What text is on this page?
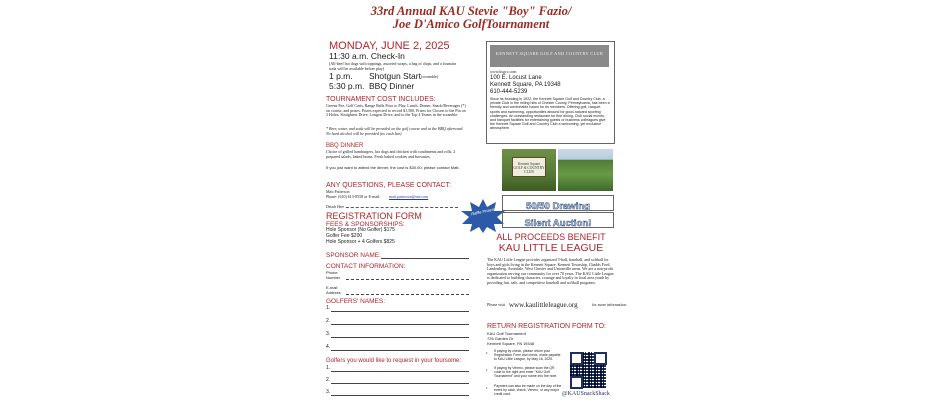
33rd Annual KAU Stevie "Boy" Fazio/
Joe D'Amico GolfTournament
MONDAY, JUNE 2, 2025
11:30 a.m. Check-In
(All-beef hot dogs with toppings, assorted wraps, a bag of chips, and a fountain soda will be available before play)
1 p.m. Shotgun Start (scramble)
5:30 p.m. BBQ Dinner
TOURNAMENT COST INCLUDES:
Greens Fee, Golf Carts, Range Balls Prior to Play, Lunch, Dinner, Snack/Beverages (*) on course, and prizes. Prizes expected to record $1,500, Prizes for Closest to the Pin on 2 Holes, Straightest Drive, Longest Drive, and to the Top 4 Teams in the scramble.
* Beer, water, and soda will be provided on the golf course and at the BBQ afterward. No hard alcohol will be provided (no cash bar).
BBQ DINNER
Choice of grilled hamburgers, hot dogs and chicken with condiments and rolls, 2 prepared salads, baked beans. Fresh baked cookies and brownies.
If you just want to attend the dinner, the cost is $30.00; please contact Matt.
ANY QUESTIONS, PLEASE CONTACT:
Matt Patterson
Phone: (610) 613-8558 or E-mail: matt.patterson@me.com
Detach Here
REGISTRATION FORM
FEES & SPONSORSHIPS:
Hole Sponsor (No Golfer) $175
Golfer Fee $200
Hole Sponsor + 4 Golfers $825
SPONSOR NAME:
CONTACT INFORMATION:
Phone
Number
E-mail
Address
GOLFERS' NAMES:
1.
2.
3.
4.
Golfers you would like to request in your foursome:
1.
2.
3.
KENNETT SQUARE GOLF AND COUNTRY CLUB
www.ksgcc.com
100 E. Locust Lane
Kennett Square, PA 19348
610-444-5239
Since its founding in 1922, the Kennett Square Golf and Country Club, a private Club in the rolling hills of Chester County, Pennsylvania, has been a friendly and comfortable haven for its members. Offering golf, racquet sports and swimming, opportunities abound for good-natured sporting challenges. An outstanding restaurant for fine dining, Club social events, and banquet facilities for entertaining guests or business colleagues give the Kennett Square Golf and Country Club a welcoming, yet exclusive atmosphere.
Kennett Square GOLF & COUNTRY CLUB
Raffle Prizes!	50/50 Drawing
Silent Auction!
ALL PROCEEDS BENEFIT
KAU LITTLE LEAGUE
The KAU Little League provides organized T-ball, baseball, and softball for boys and girls living in the Kennett Square, Kennett Township, Chadds Ford, Landenberg, Avondale, West Chester and Unionville areas. We are a non-profit organization serving our community for over 70 years. The KAU Little League is dedicated to building character, courage and loyalty in local area youth by providing fun, safe, and competitive baseball and softball programs.
Please visit www.kaulittleleague.org	for more information.
RETURN REGISTRATION FORM TO:
KAU Golf Tournament
726 Garden Dr
Kennett Square, PA 19348
• If paying by check, please return your Registration Form and check, made payable to KAU Little League, by May 16, 2025.
• If paying by Venmo, please scan the QR code to the right and enter "KAU Golf Tournament" and your name into the note.
• Payment can also be made on the day of the event by cash, check, Venmo, or any major credit card.	@KAUSnackShack
